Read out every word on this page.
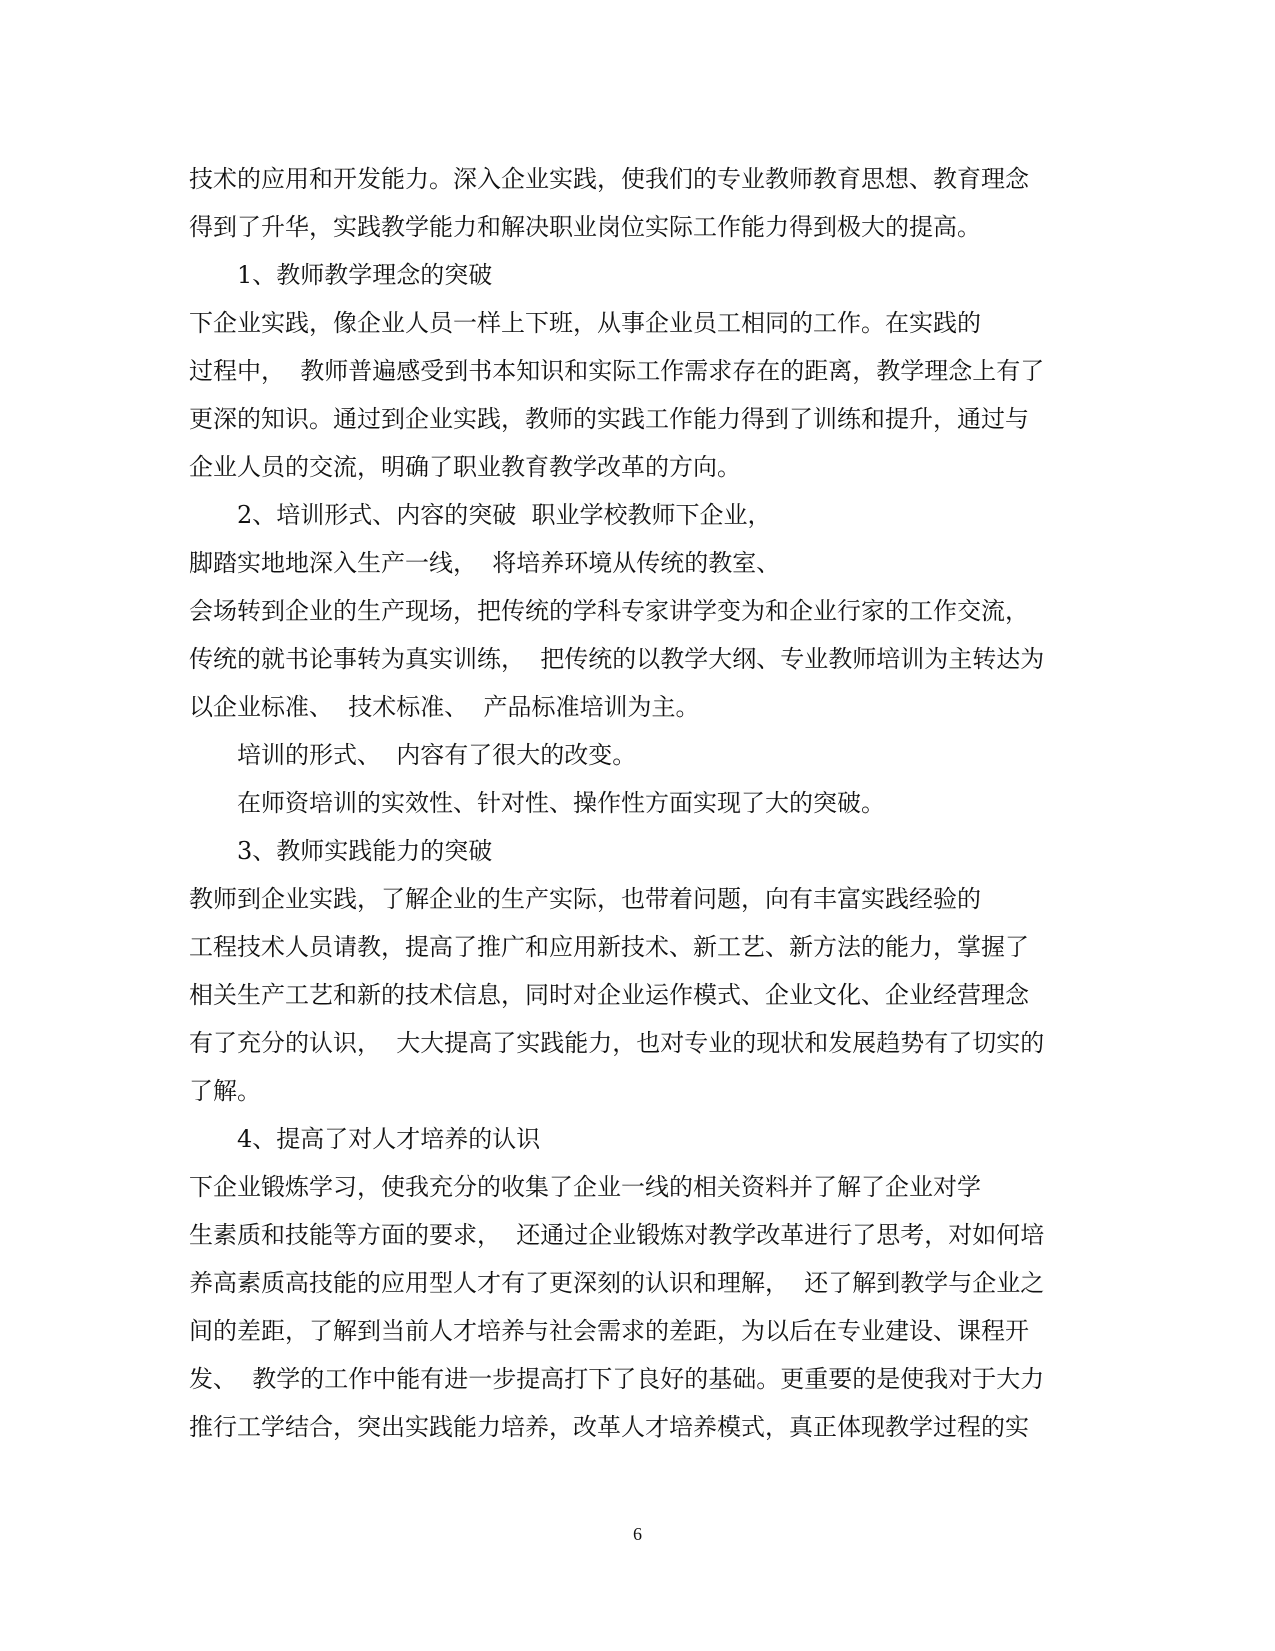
技术的应用和开发能力。深入企业实践，使我们的专业教师教育思想、教育理念
得到了升华，实践教学能力和解决职业岗位实际工作能力得到极大的提高。
1、教师教学理念的突破
下企业实践，像企业人员一样上下班，从事企业员工相同的工作。在实践的
过程中，  教师普遍感受到书本知识和实际工作需求存在的距离，教学理念上有了
更深的知识。通过到企业实践，教师的实践工作能力得到了训练和提升，通过与
企业人员的交流，明确了职业教育教学改革的方向。
2、培训形式、内容的突破  职业学校教师下企业，
脚踏实地地深入生产一线，  将培养环境从传统的教室、
会场转到企业的生产现场，把传统的学科专家讲学变为和企业行家的工作交流，
传统的就书论事转为真实训练，  把传统的以教学大纲、专业教师培训为主转达为
以企业标准、  技术标准、  产品标准培训为主。
培训的形式、  内容有了很大的改变。
在师资培训的实效性、针对性、操作性方面实现了大的突破。
3、教师实践能力的突破
教师到企业实践，了解企业的生产实际，也带着问题，向有丰富实践经验的
工程技术人员请教，提高了推广和应用新技术、新工艺、新方法的能力，掌握了
相关生产工艺和新的技术信息，同时对企业运作模式、企业文化、企业经营理念
有了充分的认识，  大大提高了实践能力，也对专业的现状和发展趋势有了切实的
了解。
4、提高了对人才培养的认识
下企业锻炼学习，使我充分的收集了企业一线的相关资料并了解了企业对学
生素质和技能等方面的要求，  还通过企业锻炼对教学改革进行了思考，对如何培
养高素质高技能的应用型人才有了更深刻的认识和理解，  还了解到教学与企业之
间的差距，了解到当前人才培养与社会需求的差距，为以后在专业建设、课程开
发、  教学的工作中能有进一步提高打下了良好的基础。更重要的是使我对于大力
推行工学结合，突出实践能力培养，改革人才培养模式，真正体现教学过程的实
6
